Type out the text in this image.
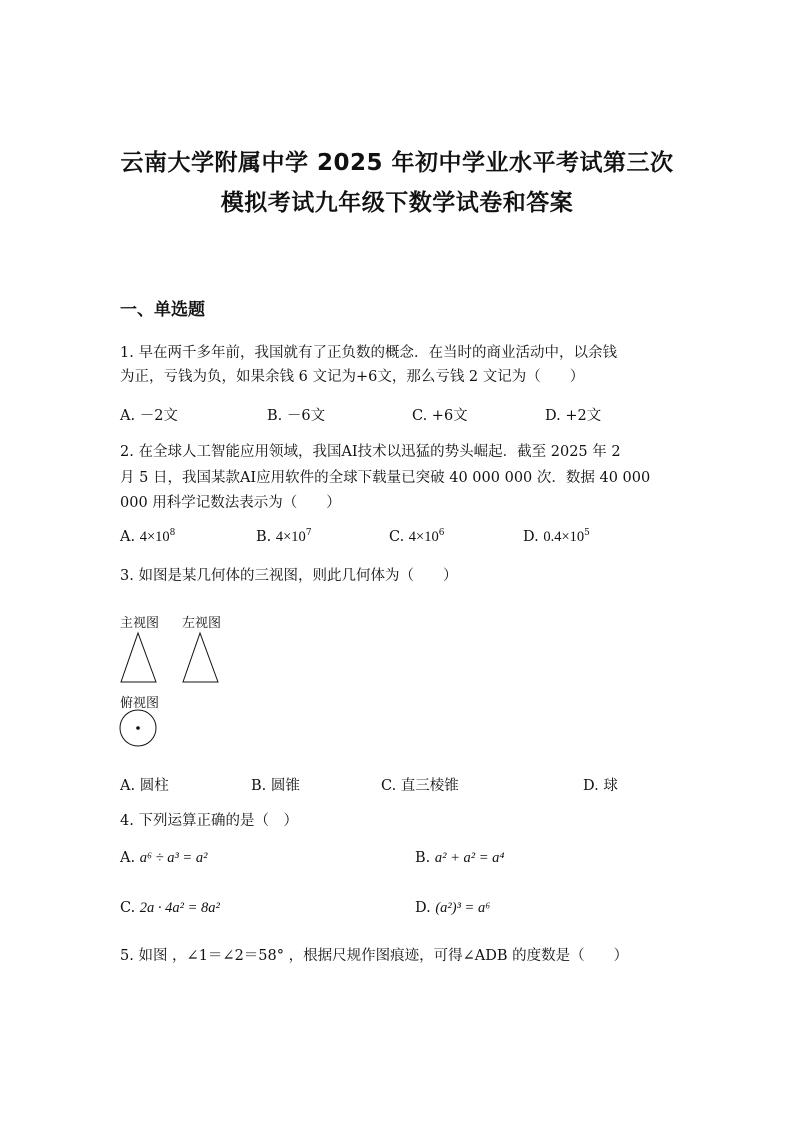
云南大学附属中学 2025 年初中学业水平考试第三次
模拟考试九年级下数学试卷和答案
一、单选题
1. 早在两千多年前，我国就有了正负数的概念．在当时的商业活动中，以余钱
为正，亏钱为负，如果余钱 6 文记为+6文，那么亏钱 2 文记为（　　）
A. －2文	B. －6文	C. +6文	D. +2文
2. 在全球人工智能应用领域，我国AI技术以迅猛的势头崛起．截至 2025 年 2
月 5 日，我国某款AI应用软件的全球下载量已突破 40 000 000 次．数据 40 000
000 用科学记数法表示为（　　）
A. $4\times 10^8$	B. $4\times 10^7$	C. $4\times 10^6$	D. $0.4\times 10^5$
3. 如图是某几何体的三视图，则此几何体为（　　）
主视图 左视图
俯视图
A. 圆柱	B. 圆锥	C. 直三棱锥	D. 球
4. 下列运算正确的是（　）
A. a⁶ ÷ a³ = a²	B. a² + a² = a⁴
C. 2a · 4a² = 8a²	D. (a²)³ = a⁶
5. 如图 ，∠1＝∠2＝58° ，根据尺规作图痕迹，可得∠ADB 的度数是（　　）
